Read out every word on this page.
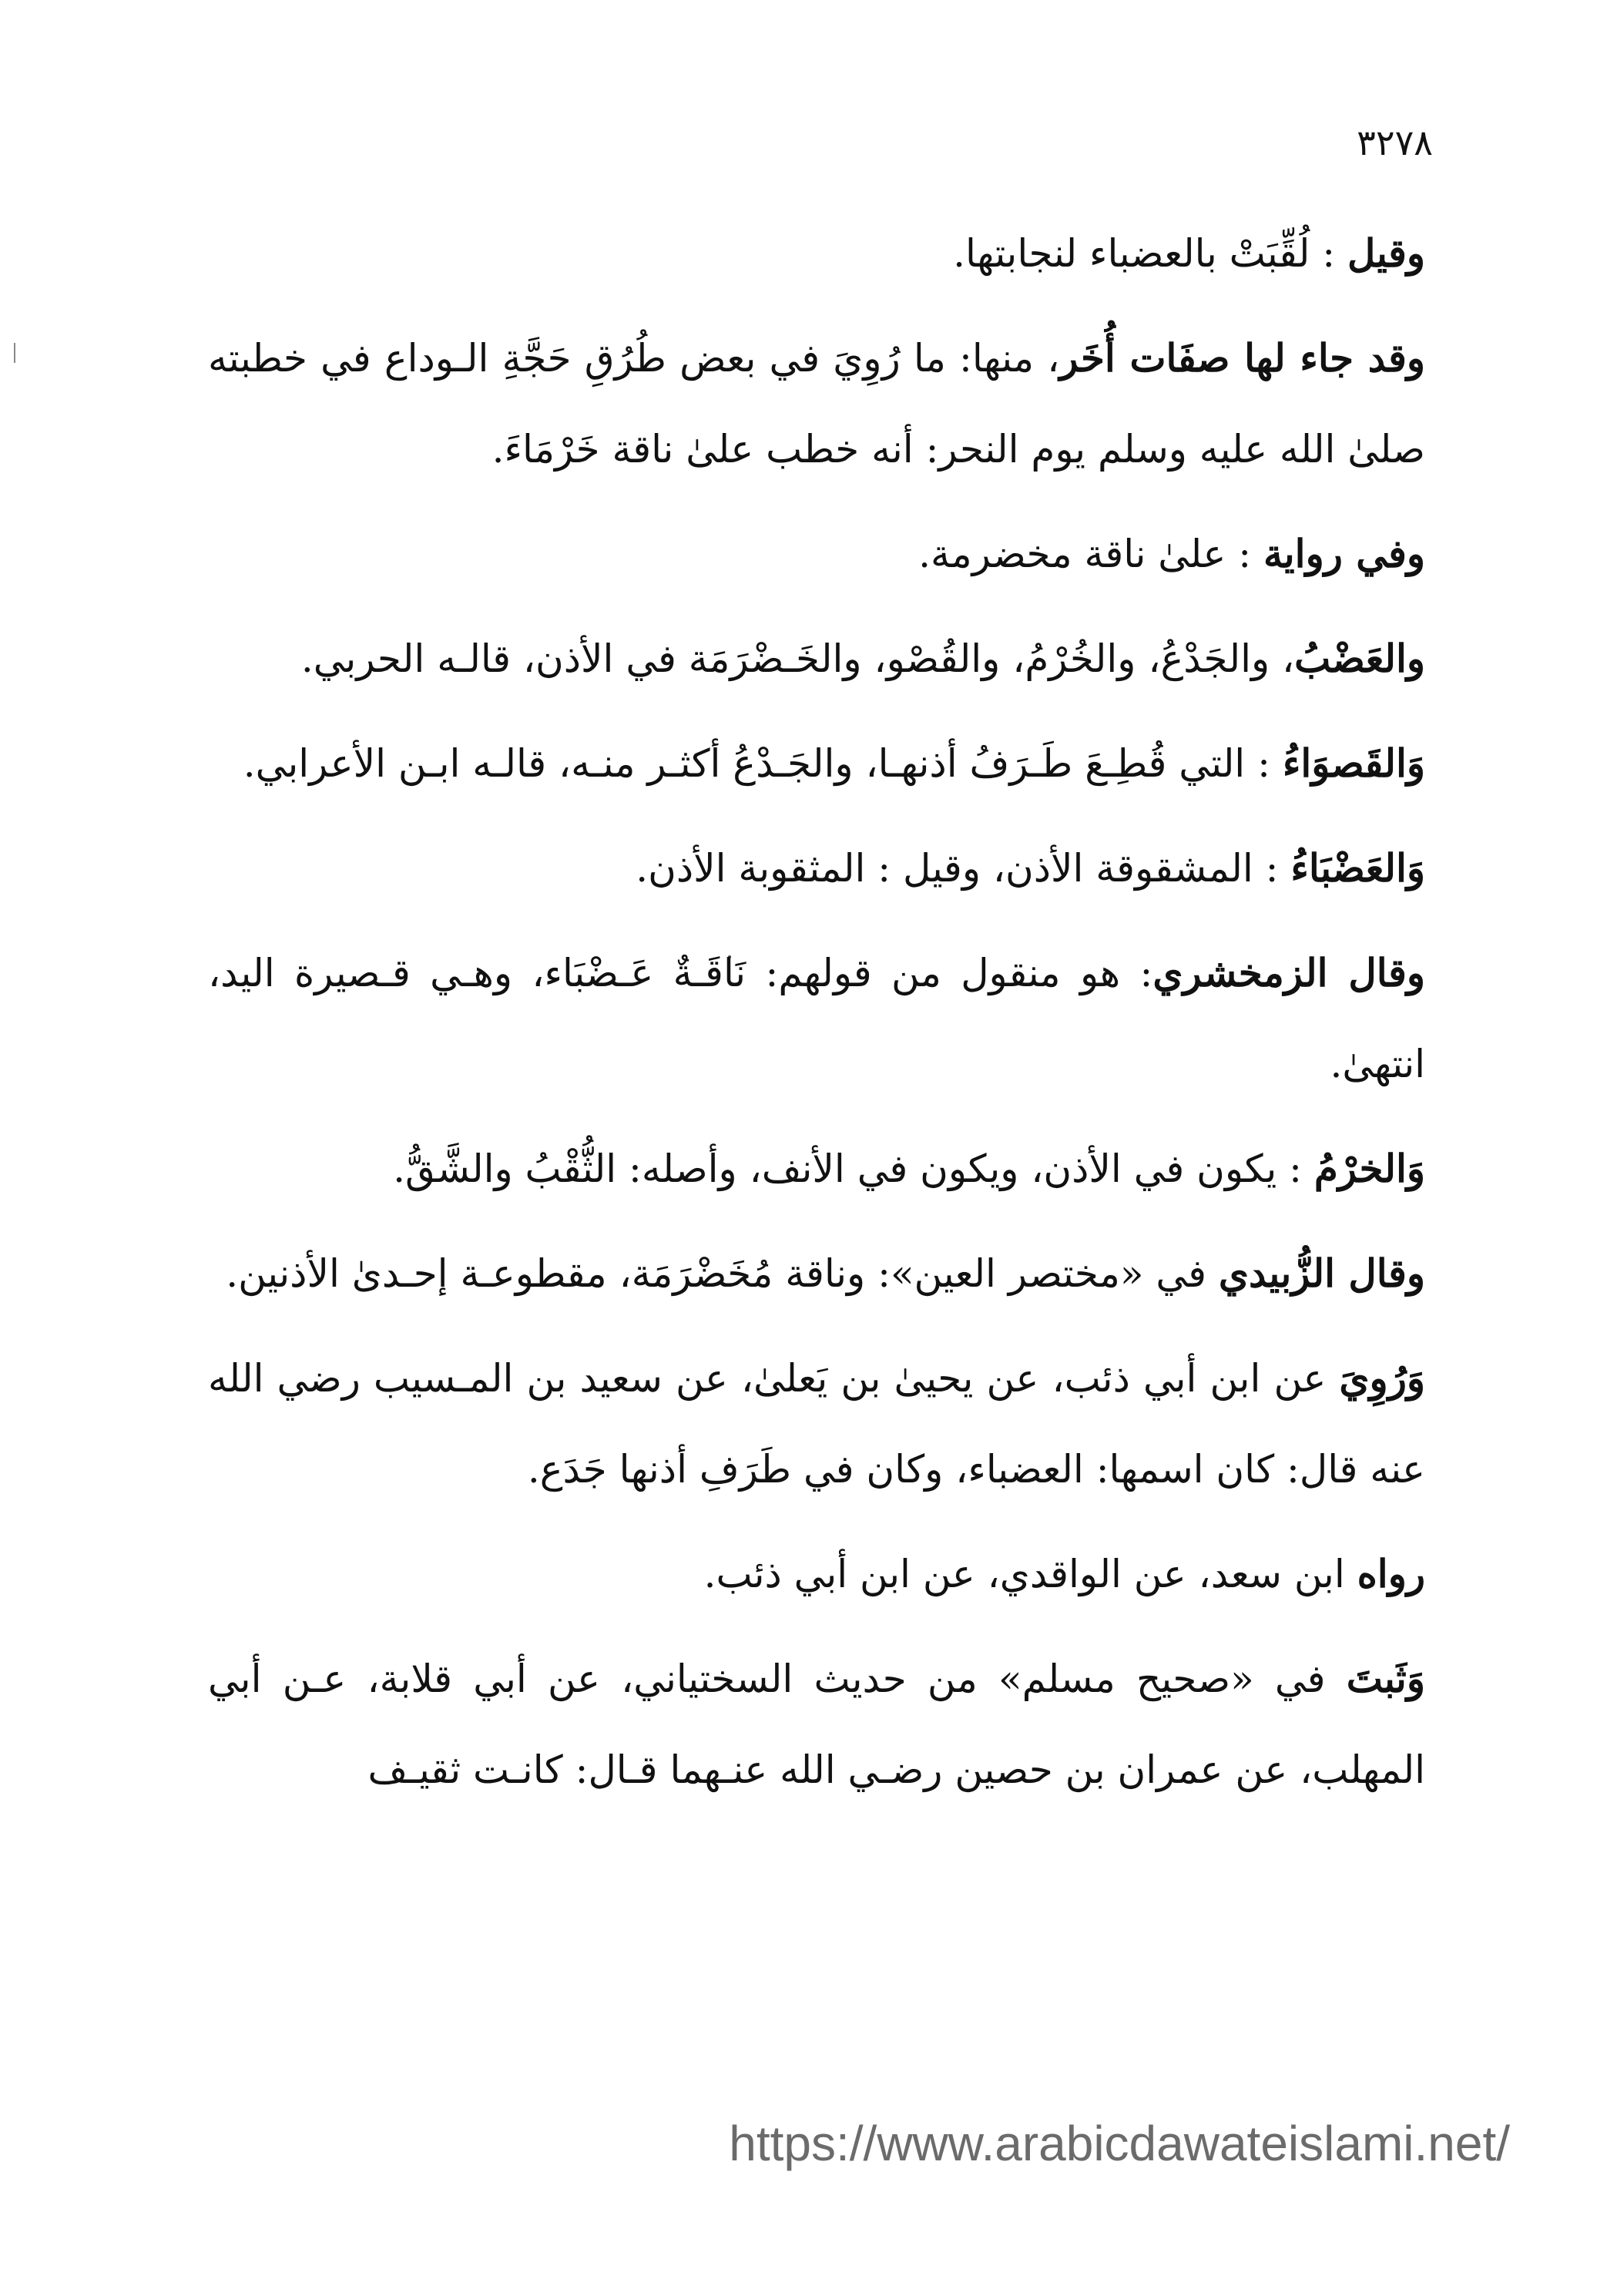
٣٢٧٨

وقيل : لُقِّبَتْ بالعضباء لنجابتها.

وقد جاء لها صفَات أُخَر، منها: ما رُوِيَ في بعض طُرُقِ حَجَّةِ الـوداع في خطبته صلىٰ الله عليه وسلم يوم النحر: أنه خطب علىٰ ناقة خَرْمَاءَ.

وفي رواية : علىٰ ناقة مخضرمة.

والعَضْبُ، والجَدْعُ، والخُرْمُ، والقُصْو، والخَـضْرَمَة في الأذن، قالـه الحربي.

وَالقَصوَاءُ : التي قُطِـعَ طَـرَفُ أذنهـا، والجَـدْعُ أكثـر منـه، قالـه ابـن الأعرابي.

وَالعَضْبَاءُ : المشقوقة الأذن، وقيل : المثقوبة الأذن.

وقال الزمخشري: هو منقول من قولهم: نَاقَـةٌ عَـضْبَاء، وهـي قـصيرة اليد، انتهىٰ.

وَالخرْمُ : يكون في الأذن، ويكون في الأنف، وأصله: الثُّقْبُ والشَّقُّ.

وقال الزُّبيدي في «مختصر العين»: وناقة مُخَضْرَمَة، مقطوعـة إحـدىٰ الأذنين.

وَرُوِيَ عن ابن أبي ذئب، عن يحيىٰ بن يَعلىٰ، عن سعيد بن المـسيب رضي الله عنه قال: كان اسمها: العضباء، وكان في طَرَفِ أذنها جَدَع.

رواه ابن سعد، عن الواقدي، عن ابن أبي ذئب.

وَثَبتَ في «صحيح مسلم» من حديث السختياني، عن أبي قلابة، عـن أبي المهلب، عن عمران بن حصين رضـي الله عنـهما قـال: كانـت ثقيـف

https://www.arabicdawateislami.net/
